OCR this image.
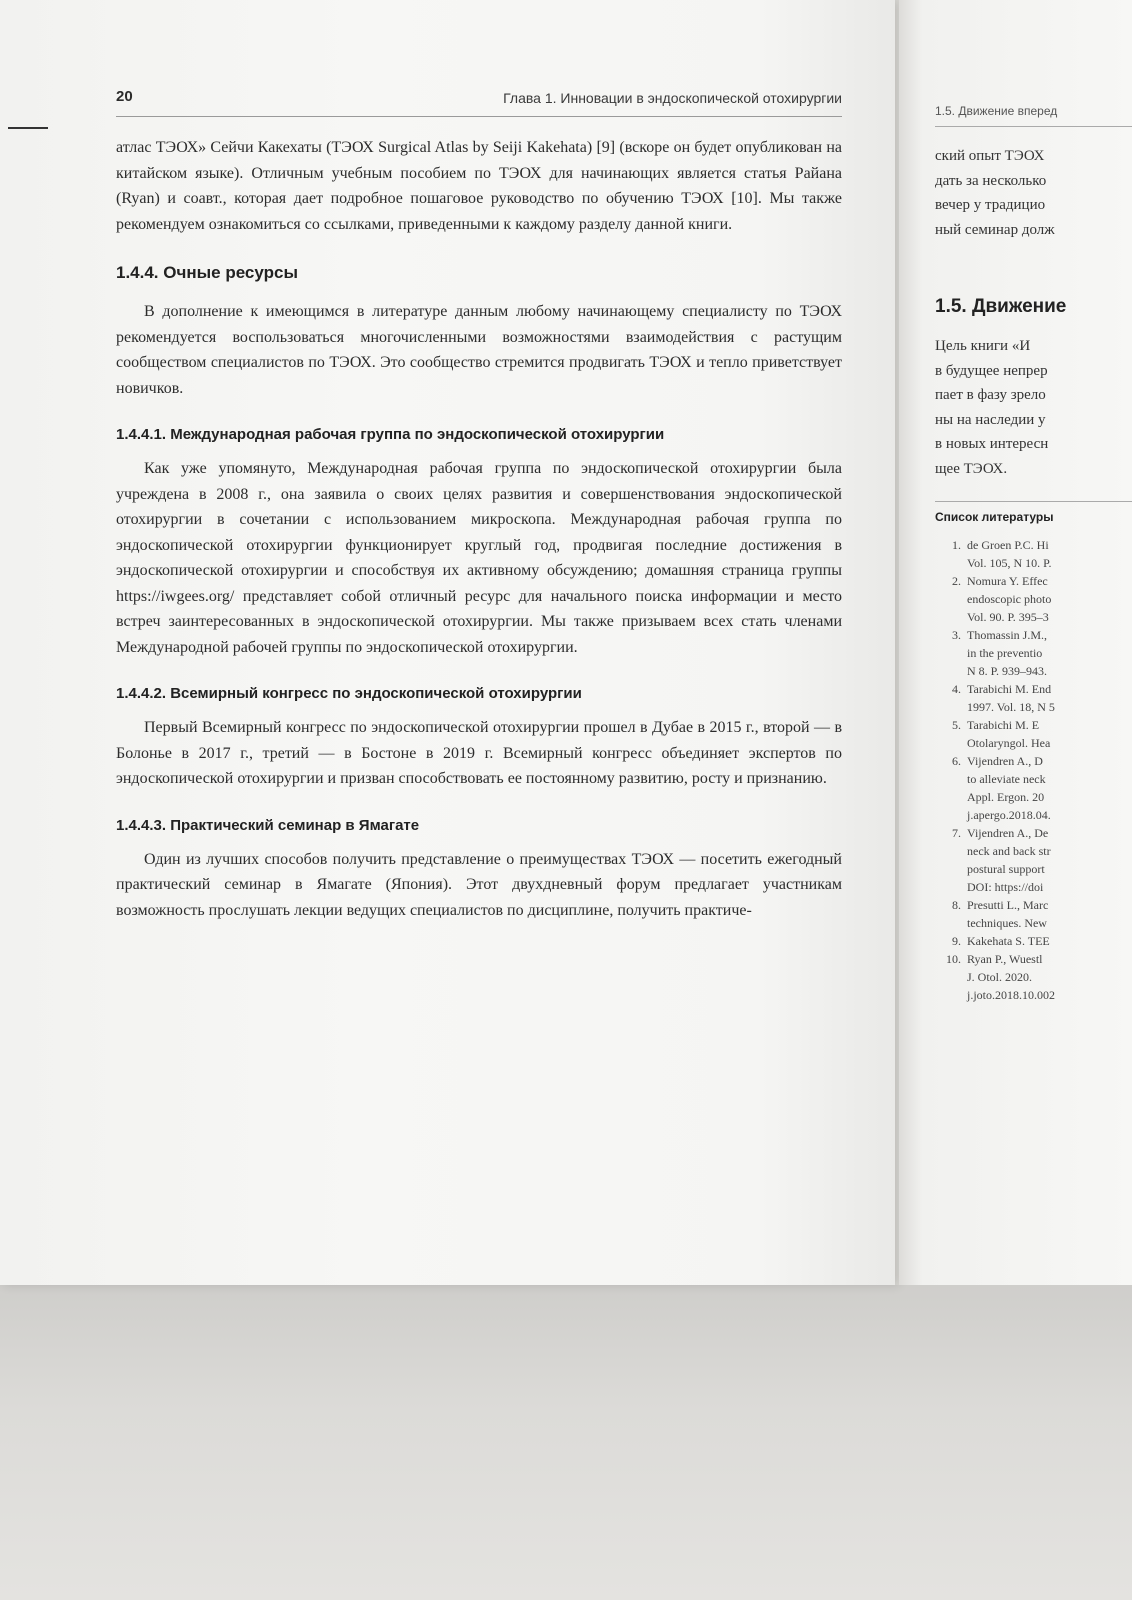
20	Глава 1. Инновации в эндоскопической отохирургии

атлас ТЭОХ» Сейчи Какехаты (ТЭОХ Surgical Atlas by Seiji Kakehata) [9] (вскоре он будет опубликован на китайском языке). Отличным учебным пособием по ТЭОХ для начинающих является статья Райана (Ryan) и соавт., которая дает подробное пошаговое руководство по обучению ТЭОХ [10]. Мы также рекомендуем ознакомиться со ссылками, приведенными к каждому разделу данной книги.

1.4.4. Очные ресурсы

В дополнение к имеющимся в литературе данным любому начинающему специалисту по ТЭОХ рекомендуется воспользоваться многочисленными возможностями взаимодействия с растущим сообществом специалистов по ТЭОХ. Это сообщество стремится продвигать ТЭОХ и тепло приветствует новичков.

1.4.4.1. Международная рабочая группа по эндоскопической отохирургии

Как уже упомянуто, Международная рабочая группа по эндоскопической отохирургии была учреждена в 2008 г., она заявила о своих целях развития и совершенствования эндоскопической отохирургии в сочетании с использованием микроскопа. Международная рабочая группа по эндоскопической отохирургии функционирует круглый год, продвигая последние достижения в эндоскопической отохирургии и способствуя их активному обсуждению; домашняя страница группы https://iwgees.org/ представляет собой отличный ресурс для начального поиска информации и место встреч заинтересованных в эндоскопической отохирургии. Мы также призываем всех стать членами Международной рабочей группы по эндоскопической отохирургии.

1.4.4.2. Всемирный конгресс по эндоскопической отохирургии

Первый Всемирный конгресс по эндоскопической отохирургии прошел в Дубае в 2015 г., второй — в Болонье в 2017 г., третий — в Бостоне в 2019 г. Всемирный конгресс объединяет экспертов по эндоскопической отохирургии и призван способствовать ее постоянному развитию, росту и признанию.

1.4.4.3. Практический семинар в Ямагате

Один из лучших способов получить представление о преимуществах ТЭОХ — посетить ежегодный практический семинар в Ямагате (Япония). Этот двухдневный форум предлагает участникам возможность прослушать лекции ведущих специалистов по дисциплине, получить практиче-

1.5. Движение вперед

ский опыт ТЭОХ
дать за несколько
вечер у традицио
ный семинар долж

1.5. Движение

Цель книги «И
в будущее непрер
пает в фазу зрело
ны на наследии у
в новых интересн
щее ТЭОХ.

Список литературы
1. de Groen P.C. Hi
Vol. 105, N 10. P.
2. Nomura Y. Effec
endoscopic photo
Vol. 90. P. 395–3
3. Thomassin J.M.,
in the preventio
N 8. P. 939–943.
4. Tarabichi M. End
1997. Vol. 18, N 5
5. Tarabichi M. E
Otolaryngol. Hea
6. Vijendren A., D
to alleviate neck
Appl. Ergon. 20
j.apergo.2018.04.
7. Vijendren A., De
neck and back str
postural support
DOI: https://doi
8. Presutti L., Marc
techniques. New
9. Kakehata S. TEE
10. Ryan P., Wuestl
J. Otol. 2020.
j.joto.2018.10.002
